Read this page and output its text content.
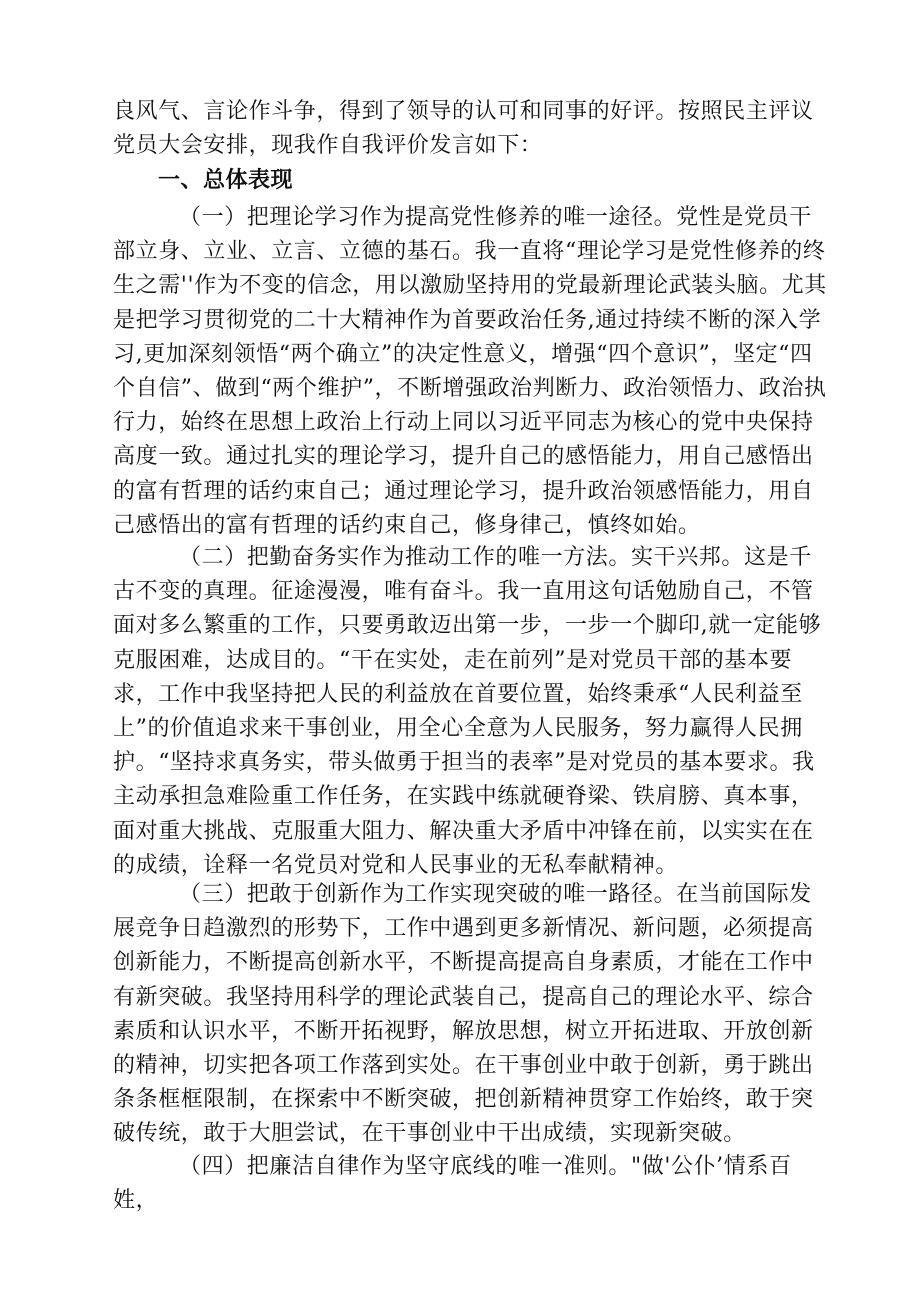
良风气、言论作斗争，得到了领导的认可和同事的好评。按照民主评议党员大会安排，现我作自我评价发言如下：
一、总体表现
（一）把理论学习作为提高党性修养的唯一途径。党性是党员干部立身、立业、立言、立德的基石。我一直将“理论学习是党性修养的终生之需''作为不变的信念，用以激励坚持用的党最新理论武装头脑。尤其是把学习贯彻党的二十大精神作为首要政治任务,通过持续不断的深入学习,更加深刻领悟“两个确立”的决定性意义，增强“四个意识”，坚定“四个自信”、做到“两个维护”，不断增强政治判断力、政治领悟力、政治执行力，始终在思想上政治上行动上同以习近平同志为核心的党中央保持高度一致。通过扎实的理论学习，提升自己的感悟能力，用自己感悟出的富有哲理的话约束自己；通过理论学习，提升政治领感悟能力，用自己感悟出的富有哲理的话约束自己，修身律己，慎终如始。
（二）把勤奋务实作为推动工作的唯一方法。实干兴邦。这是千古不变的真理。征途漫漫，唯有奋斗。我一直用这句话勉励自己，不管面对多么繁重的工作，只要勇敢迈出第一步，一步一个脚印,就一定能够克服困难，达成目的。“干在实处，走在前列”是对党员干部的基本要求，工作中我坚持把人民的利益放在首要位置，始终秉承“人民利益至上”的价值追求来干事创业，用全心全意为人民服务，努力赢得人民拥护。“坚持求真务实，带头做勇于担当的表率”是对党员的基本要求。我主动承担急难险重工作任务，在实践中练就硬脊梁、铁肩膀、真本事，面对重大挑战、克服重大阻力、解决重大矛盾中冲锋在前，以实实在在的成绩，诠释一名党员对党和人民事业的无私奉献精神。
（三）把敢于创新作为工作实现突破的唯一路径。在当前国际发展竞争日趋激烈的形势下，工作中遇到更多新情况、新问题，必须提高创新能力，不断提高创新水平，不断提高提高自身素质，才能在工作中有新突破。我坚持用科学的理论武装自己，提高自己的理论水平、综合素质和认识水平，不断开拓视野，解放思想，树立开拓进取、开放创新的精神，切实把各项工作落到实处。在干事创业中敢于创新，勇于跳出条条框框限制，在探索中不断突破，把创新精神贯穿工作始终，敢于突破传统，敢于大胆尝试，在干事创业中干出成绩，实现新突破。
（四）把廉洁自律作为坚守底线的唯一准则。"做'公仆’情系百姓，
